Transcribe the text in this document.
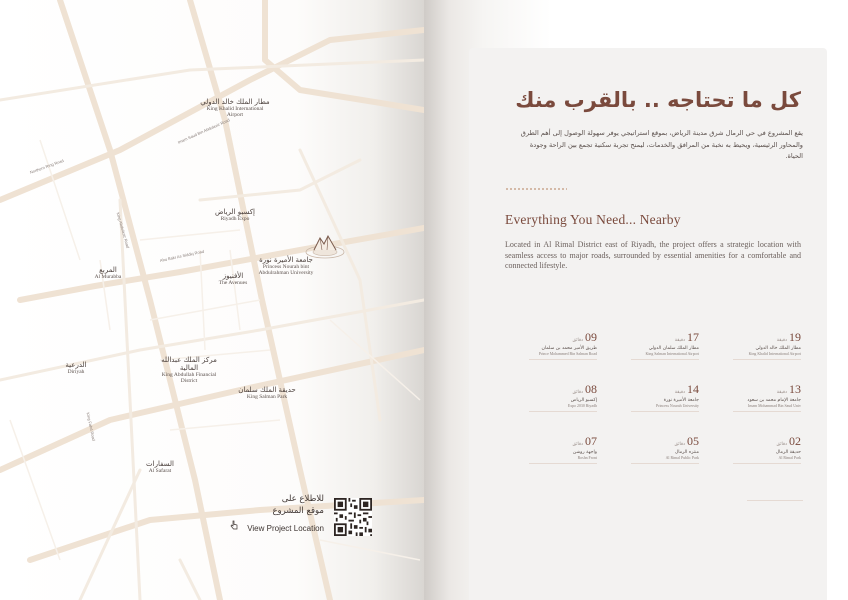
King Abdulaziz Road
Abu Bakr As Siddiq Road
Imam Saud Bin Abdulaziz Road
King Fahd Road
Northern Ring Road
مطار الملك خالد الدولي
King Khalid International Airport
إكسبو الرياض
Riyadh Expo
جامعة الأميرة نورة
Princess Nourah bint Abdulrahman University
الأفنيوز
The Avenues
المربع
Al Murabba
مركز الملك عبدالله المالية
King Abdullah Financial District
الدرعية
Diriyah
حديقة الملك سلمان
King Salman Park
السفارات
Al Safarat
للاطلاع على
موقع المشروع
View Project Location
كل ما تحتاجه .. بالقرب منك
يقع المشروع في حي الرمال شرق مدينة الرياض، بموقع استراتيجي يوفر سهولة الوصول إلى أهم الطرق والمحاور الرئيسية، ويحيط به نخبة من المرافق والخدمات، ليمنح تجربة سكنية تجمع بين الراحة وجودة الحياة.
Everything You Need... Nearby
Located in Al Rimal District east of Riyadh, the project offers a strategic location with seamless access to major roads, surrounded by essential amenities for a comfortable and connected lifestyle.
19دقيقة
مطار الملك خالد الدولي
King Khalid International Airport
17دقيقة
مطار الملك سلمان الدولي
King Salman International Airport
09دقائق
طريق الأمير محمد بن سلمان
Prince Mohammed Bin Salman Road
13دقيقة
جامعة الإمام محمد بن سعود
Imam Mohammad Bin Saud Univ
14دقيقة
جامعة الأميرة نورة
Princess Nourah University
08دقائق
إكسبو الرياض
Expo 2030 Riyadh
02دقائق
حديقة الرمال
Al Rimal Park
05دقائق
منتزه الرمال
Al Rimal Public Park
07دقائق
واجهة روشن
Roshn Front
